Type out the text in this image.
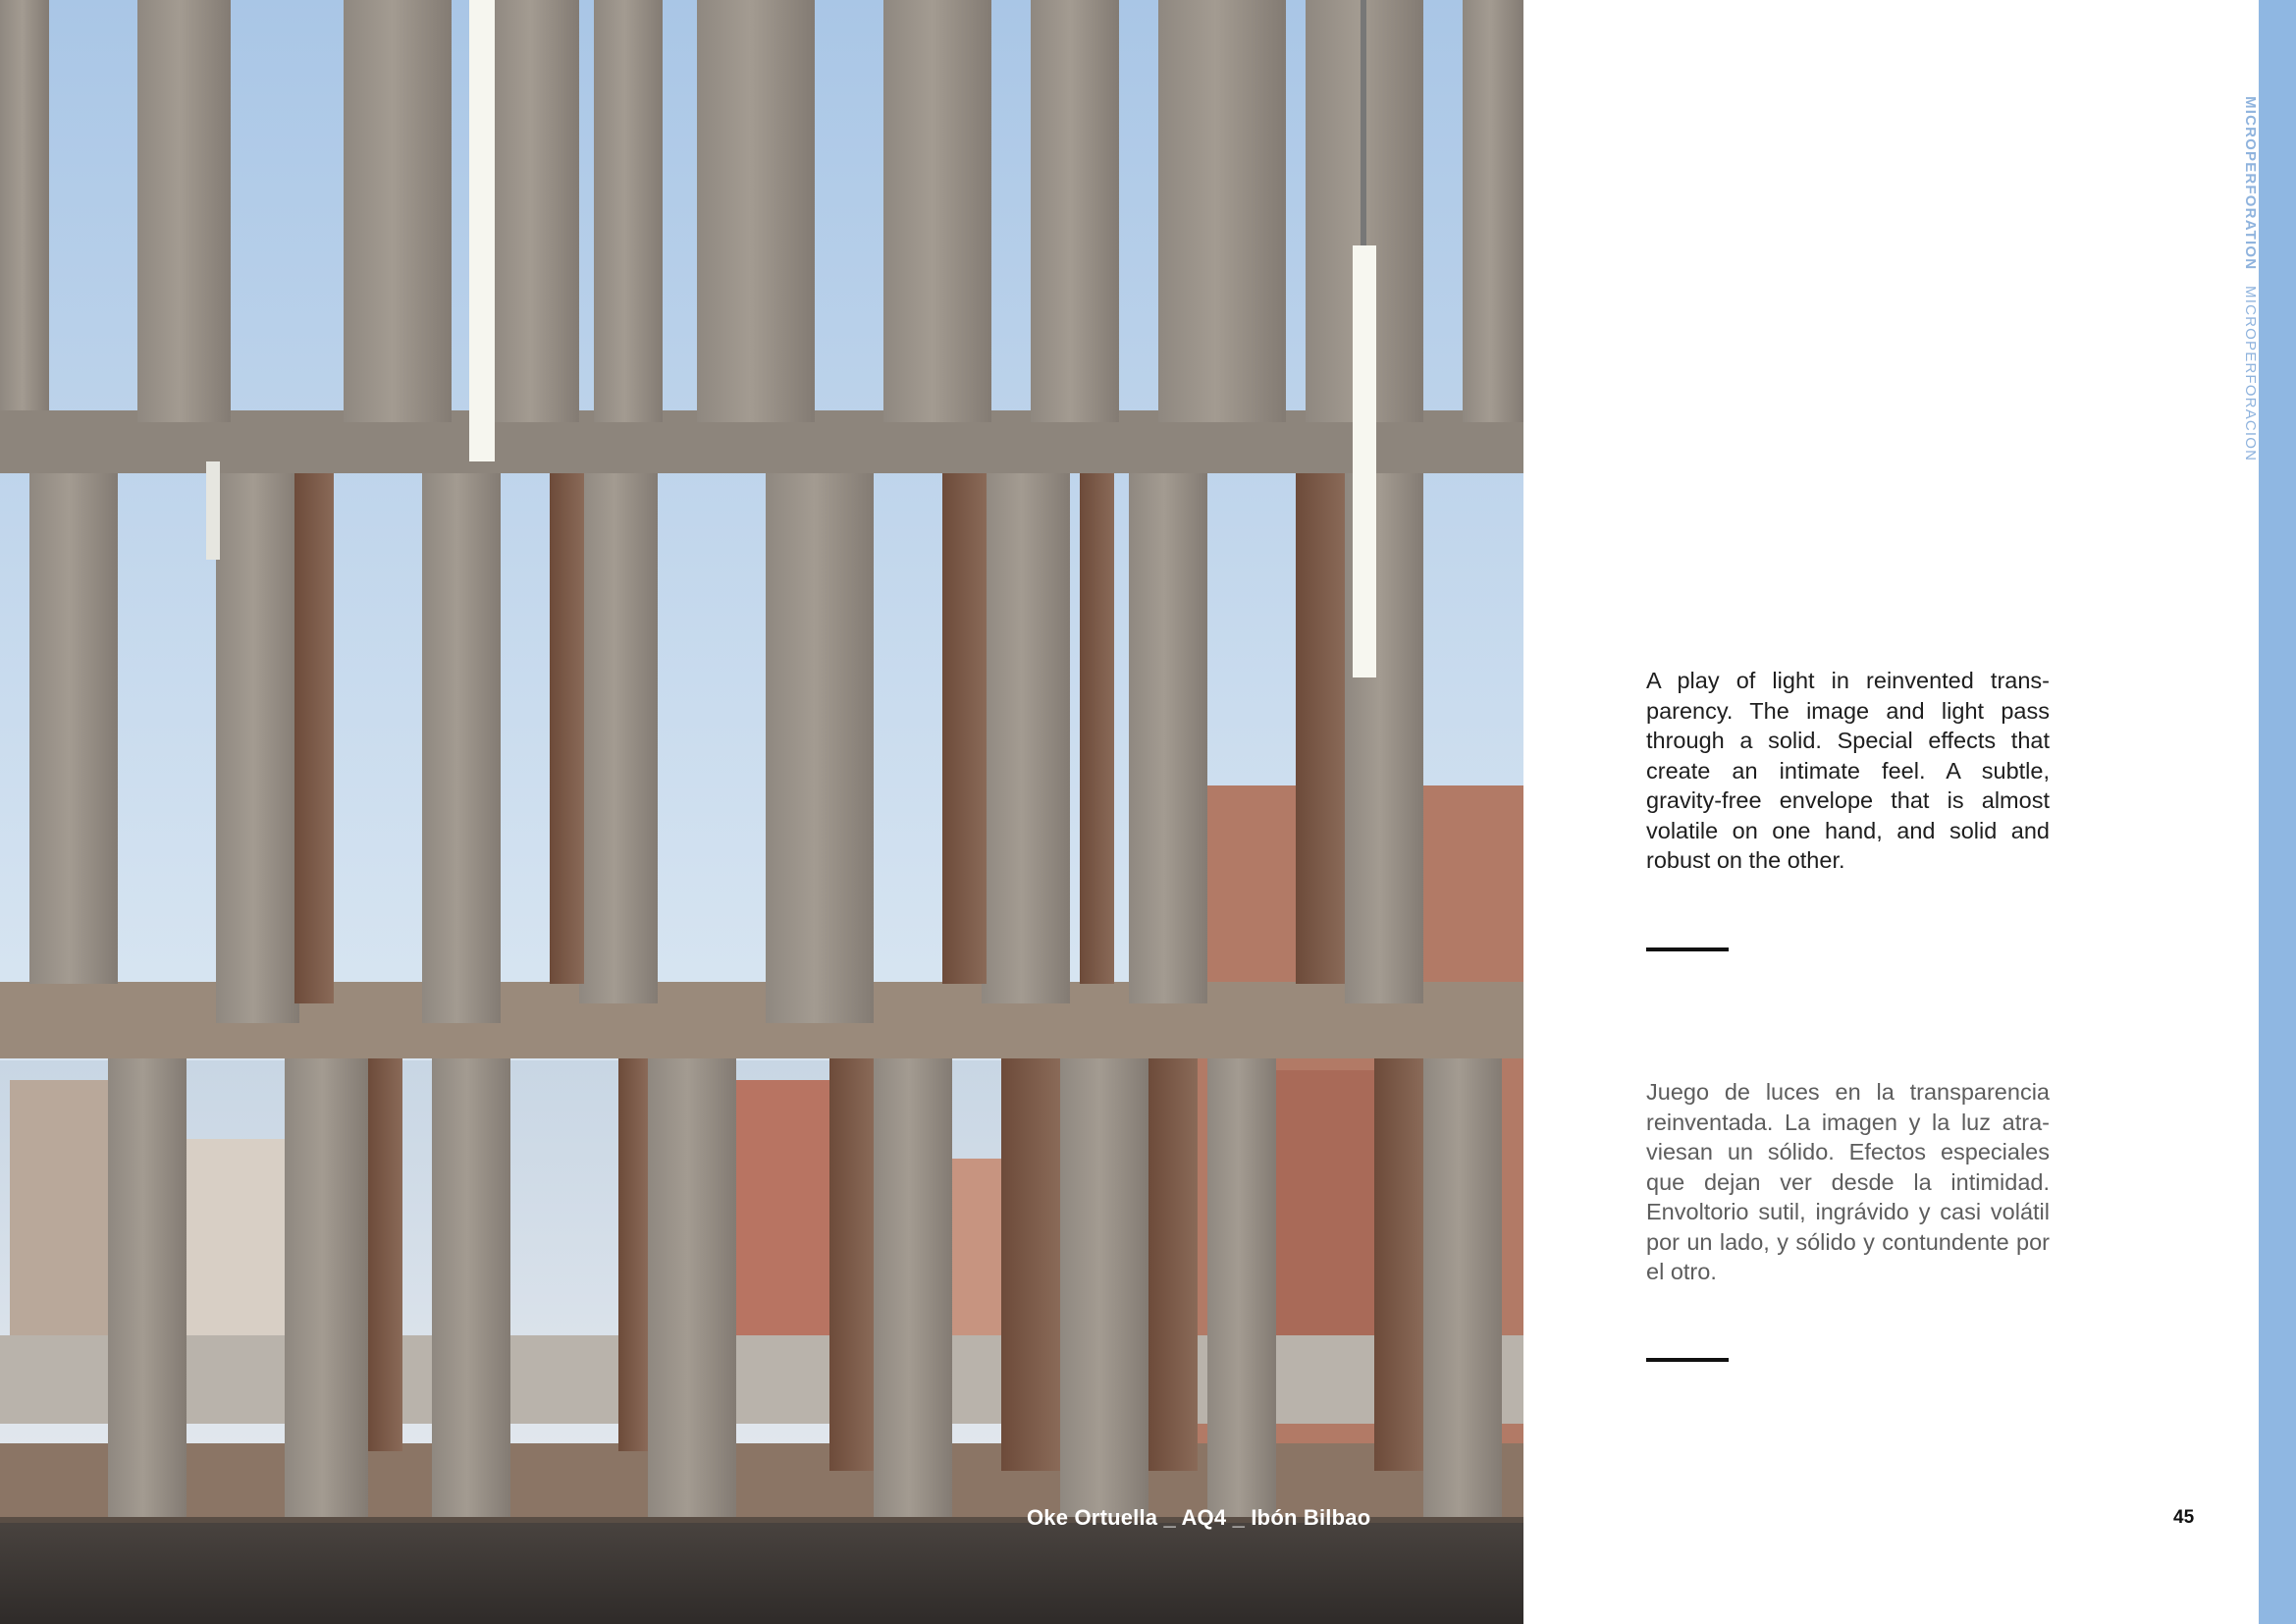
Oke Ortuella _ AQ4 _ Ibón Bilbao
MICROPERFORATION MICROPERFORACION
A play of light in reinvented transparency. The image and light pass through a solid. Special effects that create an intimate feel. A subtle, gravity-free envelope that is almost volatile on one hand, and solid and robust on the other.
Juego de luces en la transparencia reinventada. La imagen y la luz atraviesan un sólido. Efectos especiales que dejan ver desde la intimidad. Envoltorio sutil, ingrávido y casi volátil por un lado, y sólido y contundente por el otro.
45
